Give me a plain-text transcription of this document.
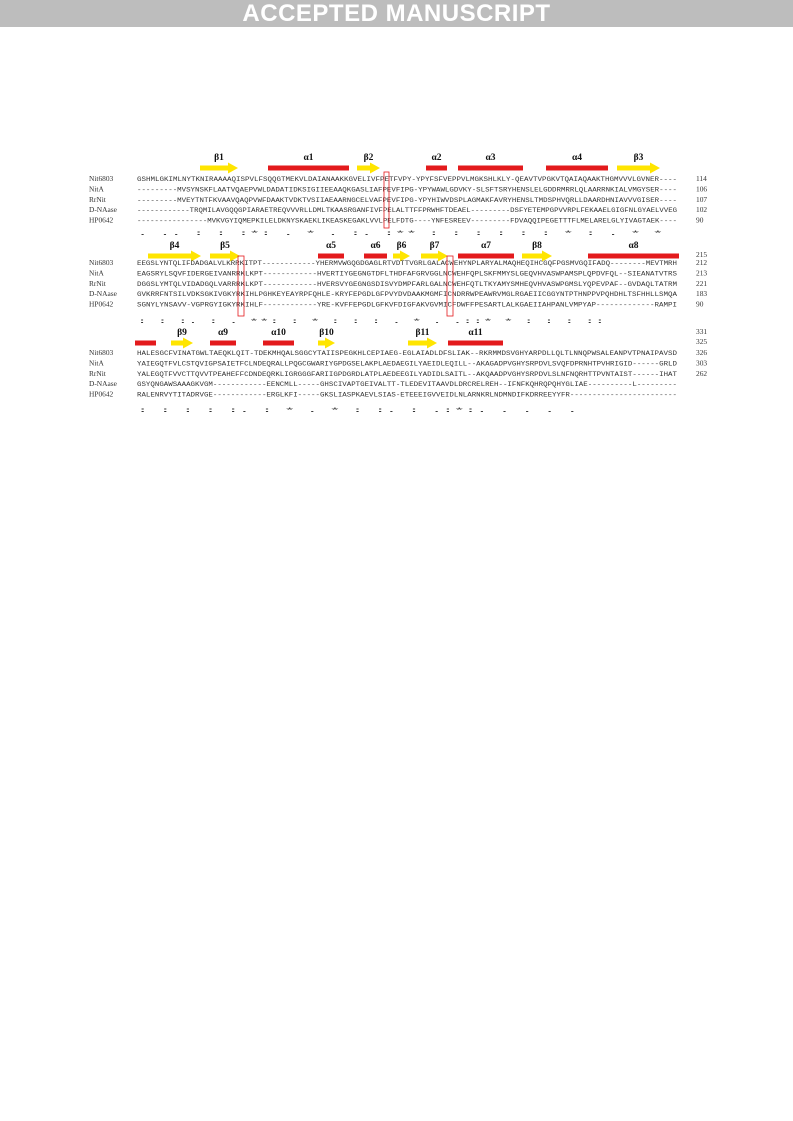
ACCEPTED MANUSCRIPT
β1	α1	β2	α2	α3	α4	β3
Nit6803	GSHMLGKIMLNYTKNIRAAAAQISPVLFSQQGTMEKVLDAIANAAKKGVELIVFPETFVPY-YPYFSFVEPPVLMGKSHLKLY-QEAVTVPGKVTQAIAQAAKTHGMVVVLGVNER----	114
NitA	---------MVSYNSKFLAATVQAEPVWLDADATIDKSIGIIEEAAQKGASLIAFPEVFIPG-YPYWAWLGDVKY-SLSFTSRYHENSLELGDDRMRRLQLAARRNKIALVMGYSER----	106
RrNit	---------MVEYTNTFKVAAVQAQPVWFDAAKTVDKTVSIIAEAARNGCELVAFPEVFIPG-YPYHIWVDSPLAGMAKFAVRYHENSLTMDSPHVQRLLDAARDHNIAVVVGISER----	107
D-NAase	------------TRQMILAVGQQGPIARAETREQVVVRLLDMLTKAASRGANFIVFPELALTTFFPRWHFTDEAEL---------DSFYETEMPGPVVRPLFEKAAELGIGFNLGYAELVVEG	102
HP0642	----------------MVKVGYIQMEPKILELDKNYSKAEKLIKEASKEGAKLVVLPELFDTG----YNFESREEV---------FDVAQQIPEGETTTFLMELARELGLYIVAGTAEK----	90
. .. : : :*: . * . :. :** : : : : : : * : . * *
β4	β5	α5	α6 β6 β7	α7	β8	α8
Nit6803	EEGSLYNTQLIFDADGALVLKRRKITPT------------YHERMVWGQGDGAGLRTVDTTVGRLGALACWEHYNPLARYALMAQHEQIHCGQFPGSMVGQIFADQ--------MEVTMRH	212
NitA	EAGSRYLSQVFIDERGEIVANRRKLKPT------------HVERTIYGEGNGTDFLTHDFAFGRVGGLNCWEHFQPLSKFMMYSLGEQVHVASWPAMSPLQPDVFQL--SIEANATVTRS	213
RrNit	DGGSLYMTQLVIDADGQLVARRRKLKPT------------HVERSVYGEGNGSDISVYDMPFARLGALNCWEHFQTLTKYAMYSMHEQVHVASWPGMSLYQPEVPAF--GVDAQLTATRM	221
D-NAase	GVKRRFNTSILVDKSGKIVGKYRKIHLPGHKEYEAYRPFQHLE-KRYFEPGDLGFPVYDVDAAKMGMFICNDRRWPEAWRVMGLRGAEIICGGYNTPTHNPPVPQHDHLTSFHHLLSMQA	183
HP0642	SGNYLYNSAVV-VGPRGYIGKYRKIHLF------------YRE-KVFFEPGDLGFKVFDIGFAKVGVMICFDWFFPESARTLALKGAEIIAHPANLVMPYAP-------------RAMPI	90
: : :. : . **: : * : : : . * . .::* * : : : ::
331
325
β9	α9	α10	β10	β11	α11
Nit6803	HALESGCFVINATGWLTAEQKLQIT-TDEKMHQALSGGCYTAIISPEGKHLCEPIAEG-EGLAIADLDFSLIAK--RKRMMDSVGHYARPDLLQLTLNNQPWSALEANPVTPNAIPAVSD	326
NitA	YAIEGQTFVLCSTQVIGPSAIETFCLNDEQRALLPQGCGWARIYGPDGSELAKPLAEDAEGILYAEIDLEQILL--AKAGADPVGHYSRPDVLSVQFDPRNHTPVHRIGID------GRLD	303
RrNit	YALEGQTFVVCTTQVVTPEAHEFFCDNDEQRKLIGRGGGFARIIGPDGRDLATPLAEDEEGILYADIDLSAITL--AKQAADPVGHYSRPDVLSLNFNQRHTTPVNTAIST------IHAT	262
D-NAase	GSYQNGAWSAAAGKVGM------------EENCMLL-----GHSCIVAPTGEIVALTT-TLEDEVITAAVDLDRCRELREH--IFNFKQHRQPQHYGLIAE----------L---------
HP0642	RALENRVYTITADRVGE------------ERGLKFI-----GKSLIASPKAEVLSIAS-ETEEEIGVVEIDLNLARNKRLNDMNDIFKDRREEYYFR------------------------
: : : : :. : * . * : :. : .:*:. . . . .
215
